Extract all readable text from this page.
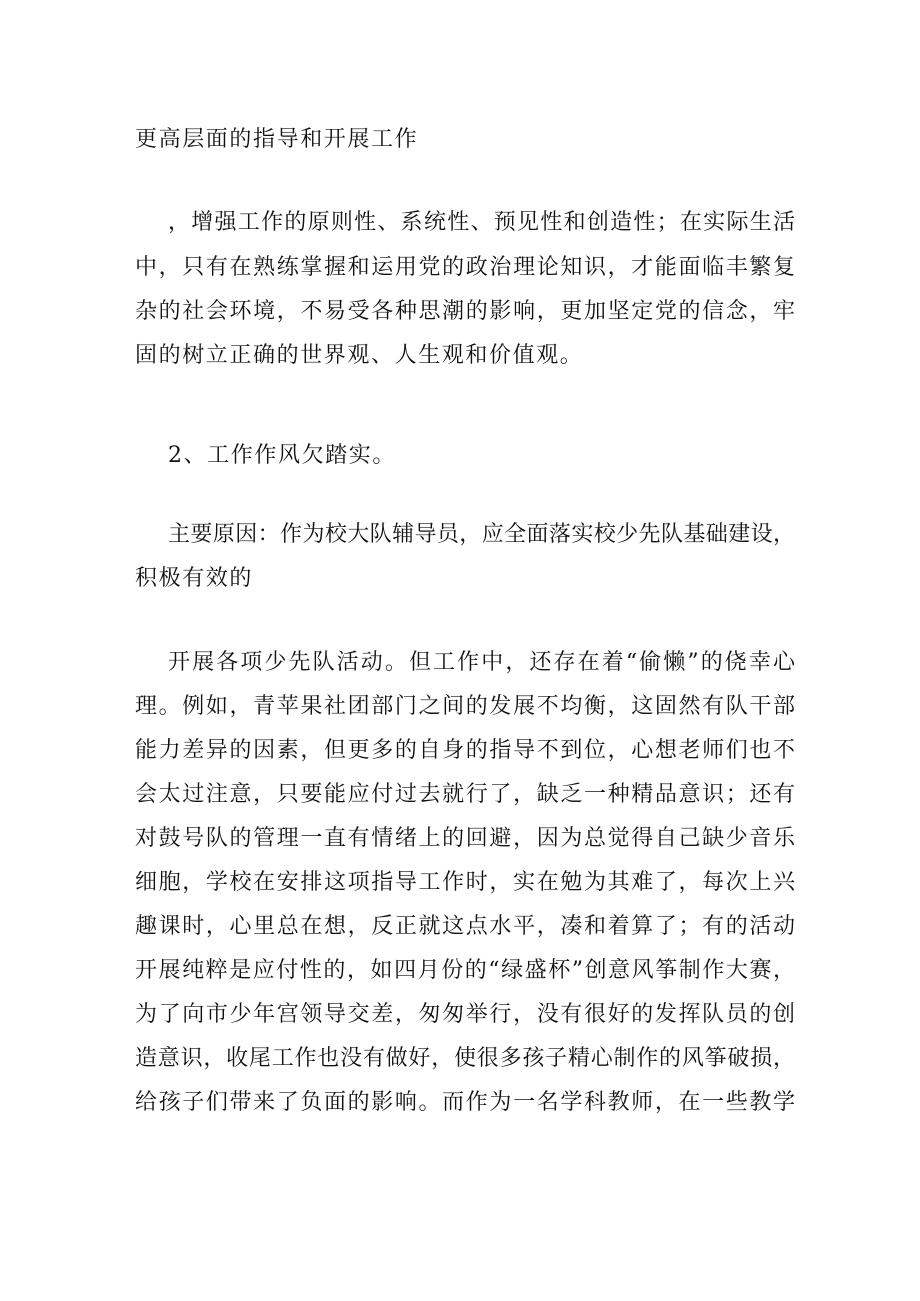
更高层面的指导和开展工作
，增强工作的原则性、系统性、预见性和创造性；在实际生活
中，只有在熟练掌握和运用党的政治理论知识，才能面临丰繁复
杂的社会环境，不易受各种思潮的影响，更加坚定党的信念，牢
固的树立正确的世界观、人生观和价值观。
2、工作作风欠踏实。
主要原因：作为校大队辅导员，应全面落实校少先队基础建设，
积极有效的
开展各项少先队活动。但工作中，还存在着“偷懒”的侥幸心
理。例如，青苹果社团部门之间的发展不均衡，这固然有队干部
能力差异的因素，但更多的自身的指导不到位，心想老师们也不
会太过注意，只要能应付过去就行了，缺乏一种精品意识；还有
对鼓号队的管理一直有情绪上的回避，因为总觉得自己缺少音乐
细胞，学校在安排这项指导工作时，实在勉为其难了，每次上兴
趣课时，心里总在想，反正就这点水平，凑和着算了；有的活动
开展纯粹是应付性的，如四月份的“绿盛杯”创意风筝制作大赛，
为了向市少年宫领导交差，匆匆举行，没有很好的发挥队员的创
造意识，收尾工作也没有做好，使很多孩子精心制作的风筝破损，
给孩子们带来了负面的影响。而作为一名学科教师，在一些教学
